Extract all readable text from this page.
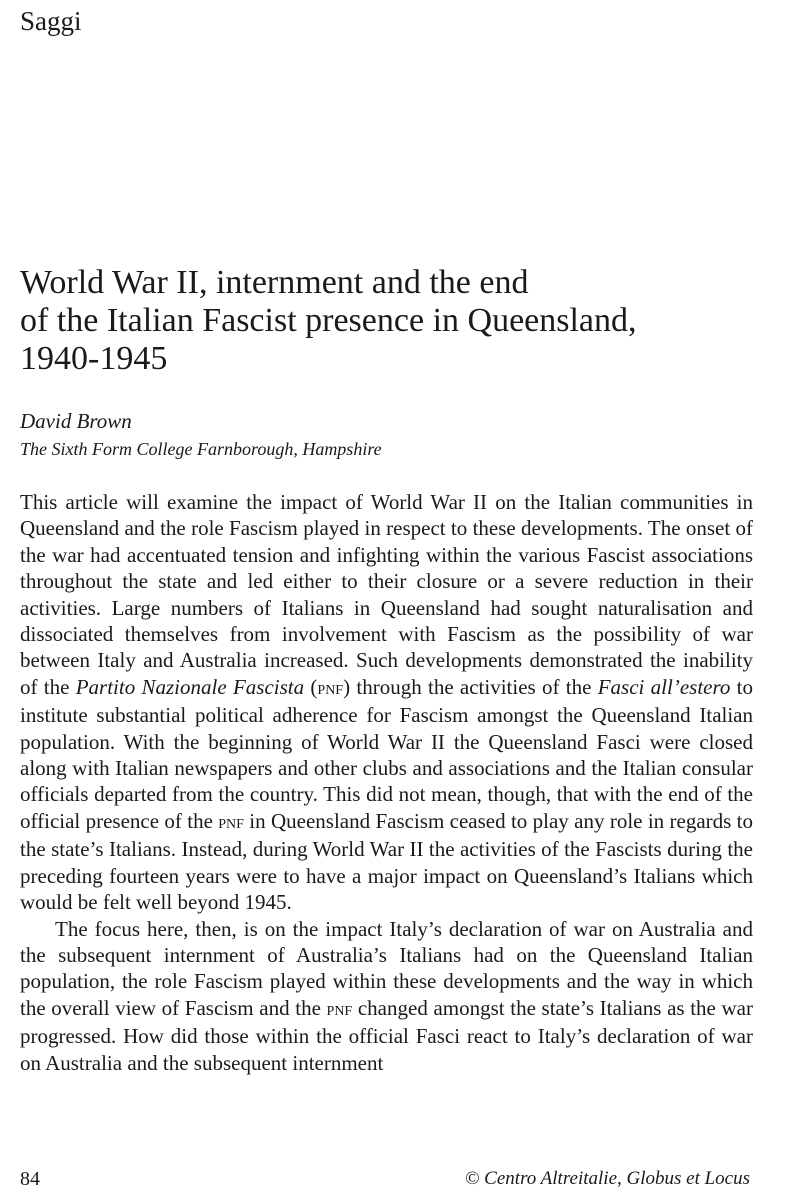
Saggi
World War II, internment and the end
of the Italian Fascist presence in Queensland,
1940-1945
David Brown
The Sixth Form College Farnborough, Hampshire

This article will examine the impact of World War II on the Italian communities in Queensland and the role Fascism played in respect to these developments. The onset of the war had accentuated tension and infighting within the various Fascist associations throughout the state and led either to their closure or a severe reduction in their activities. Large numbers of Italians in Queensland had sought naturalisation and dissociated themselves from involvement with Fascism as the possibility of war between Italy and Australia increased. Such developments demonstrated the inability of the Partito Nazionale Fascista (pnf) through the activities of the Fasci all’estero to institute substantial political adherence for Fascism amongst the Queensland Italian population. With the beginning of World War II the Queensland Fasci were closed along with Italian newspapers and other clubs and associations and the Italian consular officials departed from the country. This did not mean, though, that with the end of the official presence of the pnf in Queensland Fascism ceased to play any role in regards to the state’s Italians. Instead, during World War II the activities of the Fascists during the preceding fourteen years were to have a major impact on Queensland’s Italians which would be felt well beyond 1945.

The focus here, then, is on the impact Italy’s declaration of war on Australia and the subsequent internment of Australia’s Italians had on the Queensland Italian population, the role Fascism played within these developments and the way in which the overall view of Fascism and the pnf changed amongst the state’s Italians as the war progressed. How did those within the official Fasci react to Italy’s declaration of war on Australia and the subsequent internment

84	© Centro Altreitalie, Globus et Locus
